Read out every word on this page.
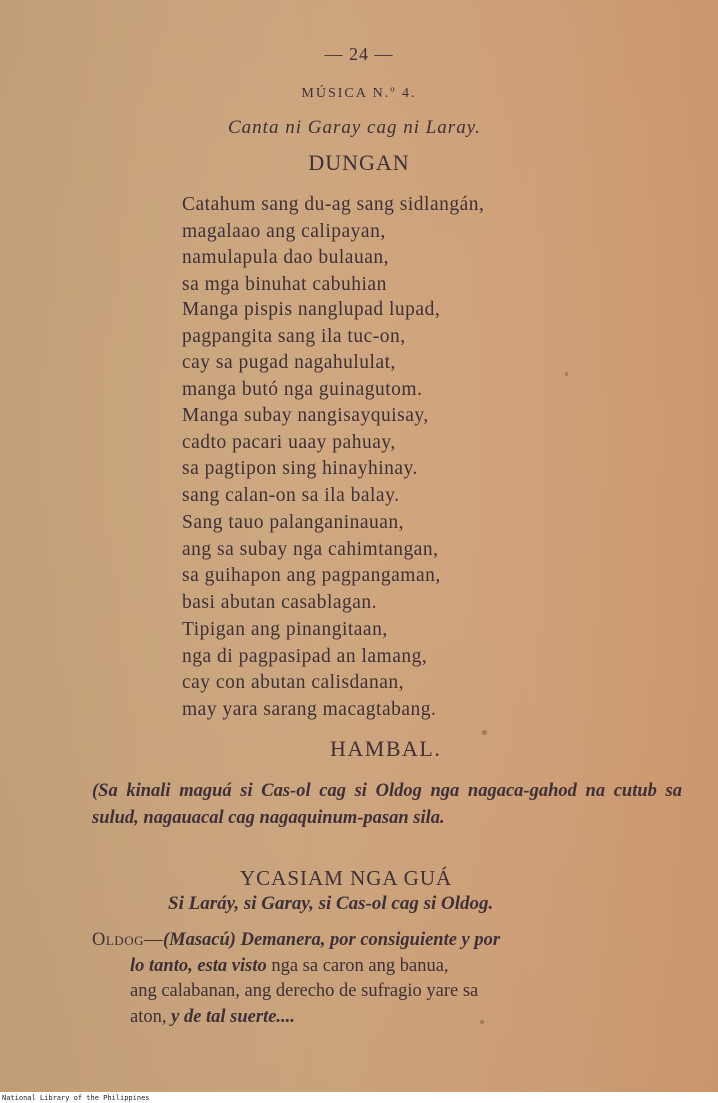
— 24 —
MÚSICA N.º 4.
Canta ni Garay cag ni Laray.
DUNGAN
Catahum sang du-ag sang sidlangán,
magalaao ang calipayan,
namulapula dao bulauan,
sa mga binuhat cabuhian
Manga pispis nanglupad lupad,
pagpangita sang ila tuc-on,
cay sa pugad nagahululat,
manga butó nga guinagutom.
Manga subay nangisayquisay,
cadto pacari uaay pahuay,
sa pagtipon sing hinayhinay.
sang calan-on sa ila balay.
Sang tauo palanganinauan,
ang sa subay nga cahimtangan,
sa guihapon ang pagpangaman,
basi abutan casablagan.
Tipigan ang pinangitaan,
nga di pagpasipad an lamang,
cay con abutan calisdanan,
may yara sarang macagtabang.
HAMBAL.
(Sa kinali maguá si Cas-ol cag si Oldog nga nagaca-gahod na cutub sa sulud, nagauacal cag nagaquinum-pasan sila.
YCASIAM NGA GUÁ
Si Laráy, si Garay, si Cas-ol cag si Oldog.
Oldog—(Masacú) Demanera, por consiguiente y por
lo tanto, esta visto nga sa caron ang banua,
ang calabanan, ang derecho de sufragio yare sa
aton, y de tal suerte....
National Library of the Philippines
